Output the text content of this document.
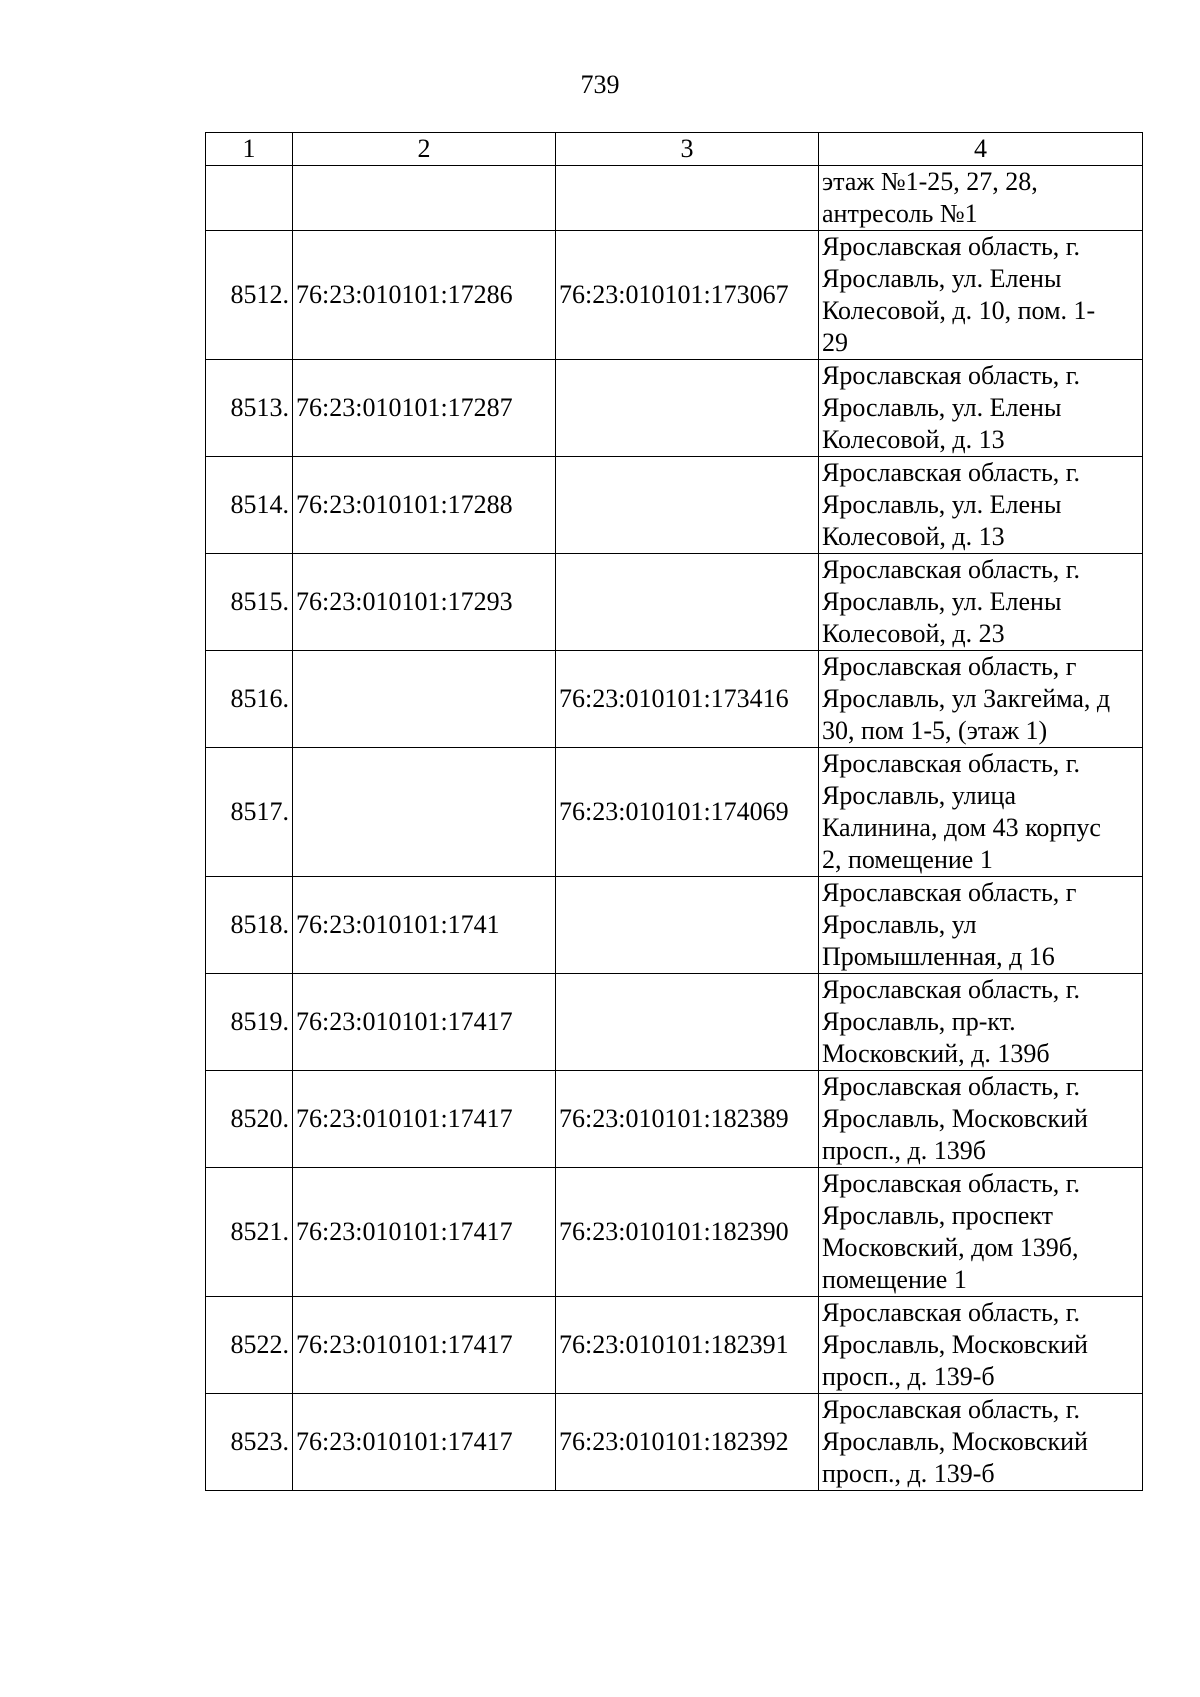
739
1	2	3	4

			этаж №1-25, 27, 28,
антресоль №1

8512.	76:23:010101:17286	76:23:010101:173067	Ярославская область, г.
Ярославль, ул. Елены
Колесовой, д. 10, пом. 1-
29

8513.	76:23:010101:17287		Ярославская область, г.
Ярославль, ул. Елены
Колесовой, д. 13

8514.	76:23:010101:17288		Ярославская область, г.
Ярославль, ул. Елены
Колесовой, д. 13

8515.	76:23:010101:17293		Ярославская область, г.
Ярославль, ул. Елены
Колесовой, д. 23

8516.		76:23:010101:173416	Ярославская область, г
Ярославль, ул Закгейма, д
30, пом 1-5, (этаж 1)

8517.		76:23:010101:174069	Ярославская область, г.
Ярославль, улица
Калинина, дом 43 корпус
2, помещение 1

8518.	76:23:010101:1741		Ярославская область, г
Ярославль, ул
Промышленная, д 16

8519.	76:23:010101:17417		Ярославская область, г.
Ярославль, пр-кт.
Московский, д. 139б

8520.	76:23:010101:17417	76:23:010101:182389	Ярославская область, г.
Ярославль, Московский
просп., д. 139б

8521.	76:23:010101:17417	76:23:010101:182390	Ярославская область, г.
Ярославль, проспект
Московский, дом 139б,
помещение 1

8522.	76:23:010101:17417	76:23:010101:182391	Ярославская область, г.
Ярославль, Московский
просп., д. 139-б

8523.	76:23:010101:17417	76:23:010101:182392	Ярославская область, г.
Ярославль, Московский
просп., д. 139-б
